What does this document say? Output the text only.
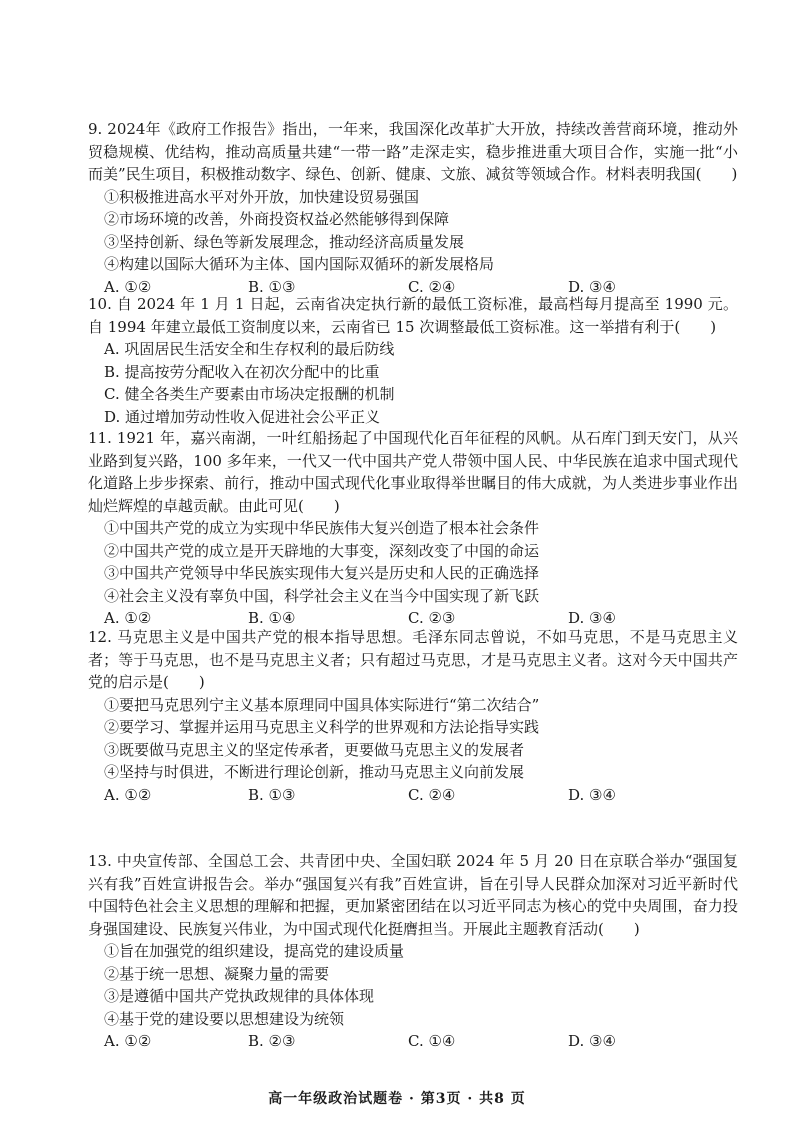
9. 2024年《政府工作报告》指出，一年来，我国深化改革扩大开放，持续改善营商环境，推动外贸稳规模、优结构，推动高质量共建“一带一路”走深走实，稳步推进重大项目合作，实施一批“小而美”民生项目，积极推动数字、绿色、创新、健康、文旅、减贫等领域合作。材料表明我国(　　)

①积极推进高水平对外开放，加快建设贸易强国

②市场环境的改善，外商投资权益必然能够得到保障

③坚持创新、绿色等新发展理念，推动经济高质量发展

④构建以国际大循环为主体、国内国际双循环的新发展格局

A. ①②	B. ①③	C. ②④	D. ③④

10. 自 2024 年 1 月 1 日起，云南省决定执行新的最低工资标准，最高档每月提高至 1990 元。自 1994 年建立最低工资制度以来，云南省已 15 次调整最低工资标准。这一举措有利于(　　)

A. 巩固居民生活安全和生存权利的最后防线

B. 提高按劳分配收入在初次分配中的比重

C. 健全各类生产要素由市场决定报酬的机制

D. 通过增加劳动性收入促进社会公平正义

11. 1921 年，嘉兴南湖，一叶红船扬起了中国现代化百年征程的风帆。从石库门到天安门，从兴业路到复兴路，100 多年来，一代又一代中国共产党人带领中国人民、中华民族在追求中国式现代化道路上步步探索、前行，推动中国式现代化事业取得举世瞩目的伟大成就，为人类进步事业作出灿烂辉煌的卓越贡献。由此可见(　　)

①中国共产党的成立为实现中华民族伟大复兴创造了根本社会条件

②中国共产党的成立是开天辟地的大事变，深刻改变了中国的命运

③中国共产党领导中华民族实现伟大复兴是历史和人民的正确选择

④社会主义没有辜负中国，科学社会主义在当今中国实现了新飞跃

A. ①②	B. ①④	C. ②③	D. ③④

12. 马克思主义是中国共产党的根本指导思想。毛泽东同志曾说，不如马克思，不是马克思主义者；等于马克思，也不是马克思主义者；只有超过马克思，才是马克思主义者。这对今天中国共产党的启示是(　　)

①要把马克思列宁主义基本原理同中国具体实际进行“第二次结合”

②要学习、掌握并运用马克思主义科学的世界观和方法论指导实践

③既要做马克思主义的坚定传承者，更要做马克思主义的发展者

④坚持与时俱进，不断进行理论创新，推动马克思主义向前发展

A. ①②	B. ①③	C. ②④	D. ③④

13. 中央宣传部、全国总工会、共青团中央、全国妇联 2024 年 5 月 20 日在京联合举办“强国复兴有我”百姓宣讲报告会。举办“强国复兴有我”百姓宣讲，旨在引导人民群众加深对习近平新时代中国特色社会主义思想的理解和把握，更加紧密团结在以习近平同志为核心的党中央周围，奋力投身强国建设、民族复兴伟业，为中国式现代化挺膺担当。开展此主题教育活动(　　)

①旨在加强党的组织建设，提高党的建设质量

②基于统一思想、凝聚力量的需要

③是遵循中国共产党执政规律的具体体现

④基于党的建设要以思想建设为统领

A. ①②	B. ②③	C. ①④	D. ③④
高一年级政治试题卷 · 第3页 · 共8 页
